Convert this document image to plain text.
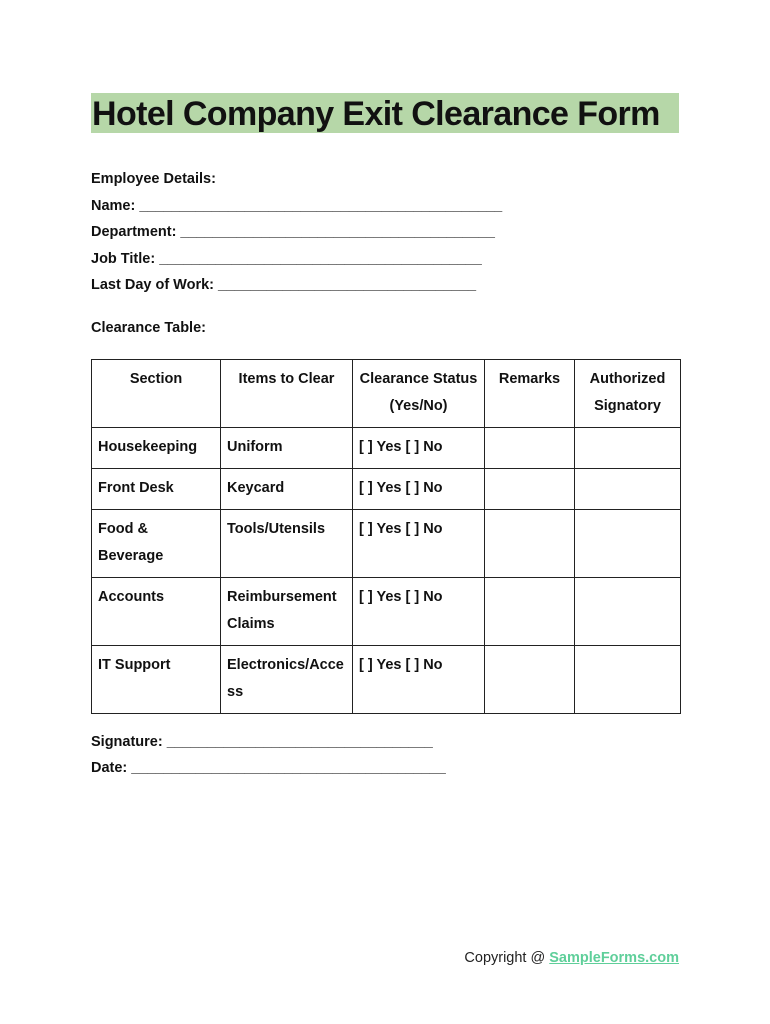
Hotel Company Exit Clearance Form
Employee Details:
Name: _____________________________________________
Department: _______________________________________
Job Title: ________________________________________
Last Day of Work: ________________________________
Clearance Table:
Section	Items to Clear	Clearance Status (Yes/No)	Remarks	Authorized Signatory
Housekeeping	Uniform	[ ] Yes [ ] No		
Front Desk	Keycard	[ ] Yes [ ] No		
Food & Beverage	Tools/Utensils	[ ] Yes [ ] No		
Accounts	Reimbursement Claims	[ ] Yes [ ] No		
IT Support	Electronics/Access	[ ] Yes [ ] No		
Signature: _________________________________
Date: _______________________________________
Copyright @ SampleForms.com
